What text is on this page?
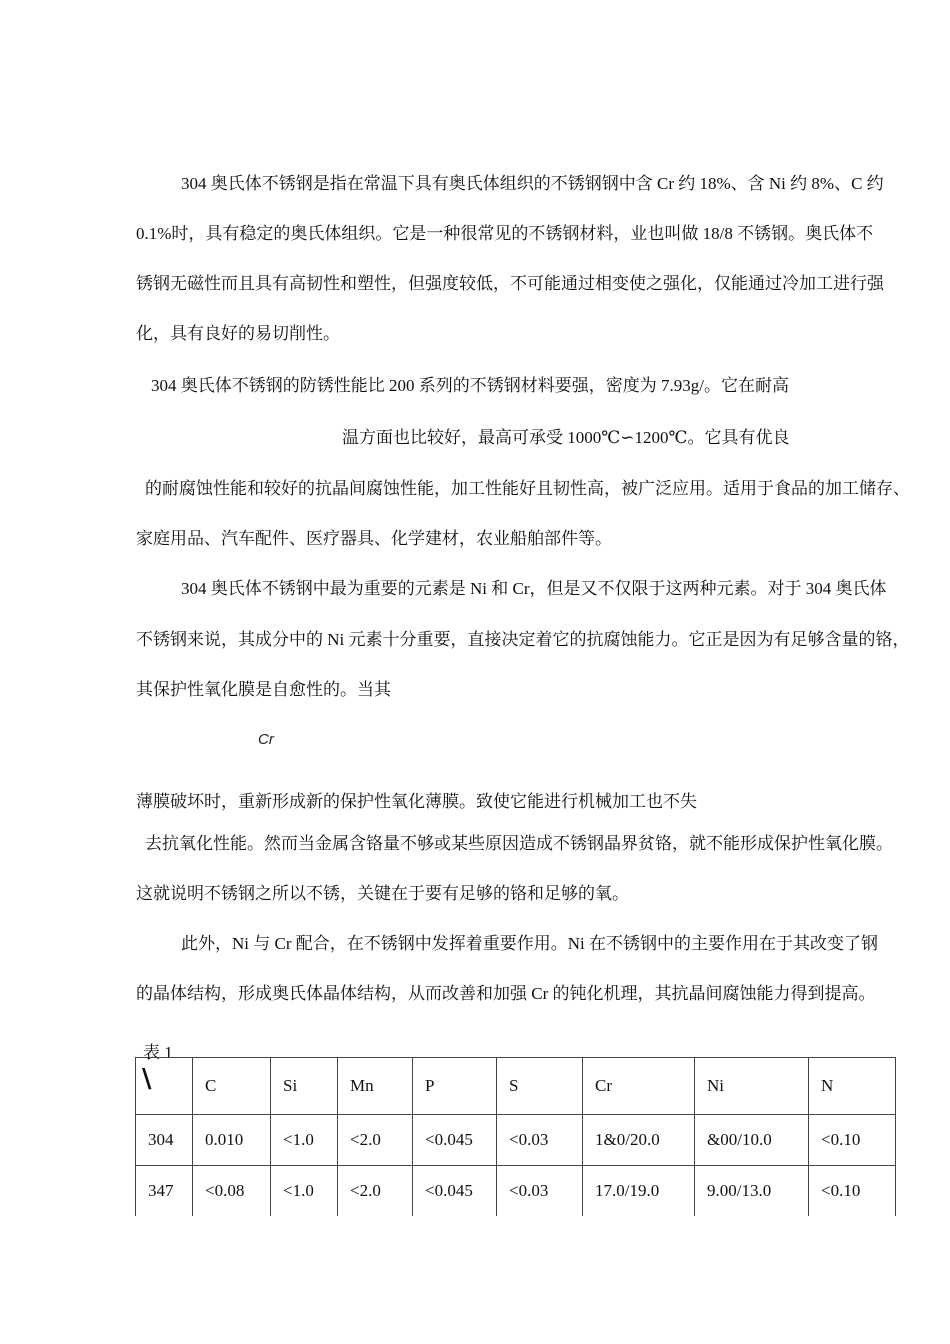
304 奥氏体不锈钢是指在常温下具有奥氏体组织的不锈钢钢中含 Cr 约 18%、含 Ni 约 8%、C 约
0.1%时，具有稳定的奥氏体组织。它是一种很常见的不锈钢材料，业也叫做 18/8 不锈钢。奥氏体不
锈钢无磁性而且具有高韧性和塑性，但强度较低，不可能通过相变使之强化，仅能通过冷加工进行强
化，具有良好的易切削性。
304 奥氏体不锈钢的防锈性能比 200 系列的不锈钢材料要强，密度为 7.93g/。它在耐高
温方面也比较好，最高可承受 1000℃∽1200℃。它具有优良
的耐腐蚀性能和较好的抗晶间腐蚀性能，加工性能好且韧性高，被广泛应用。适用于食品的加工储存、
家庭用品、汽车配件、医疗器具、化学建材，农业船舶部件等。
304 奥氏体不锈钢中最为重要的元素是 Ni 和 Cr，但是又不仅限于这两种元素。对于 304 奥氏体
不锈钢来说，其成分中的 Ni 元素十分重要，直接决定着它的抗腐蚀能力。它正是因为有足够含量的铬，
其保护性氧化膜是自愈性的。当其
Cr
薄膜破坏时，重新形成新的保护性氧化薄膜。致使它能进行机械加工也不失
去抗氧化性能。然而当金属含铬量不够或某些原因造成不锈钢晶界贫铬，就不能形成保护性氧化膜。
这就说明不锈钢之所以不锈，关键在于要有足够的铬和足够的氧。
此外，Ni 与 Cr 配合，在不锈钢中发挥着重要作用。Ni 在不锈钢中的主要作用在于其改变了钢
的晶体结构，形成奥氏体晶体结构，从而改善和加强 Cr 的钝化机理，其抗晶间腐蚀能力得到提高。
表 1
\	C	Si	Mn	P	S	Cr	Ni	N
304	0.010	<1.0	<2.0	<0.045	<0.03	1&0/20.0	&00/10.0	<0.10
347	<0.08	<1.0	<2.0	<0.045	<0.03	17.0/19.0	9.00/13.0	<0.10
